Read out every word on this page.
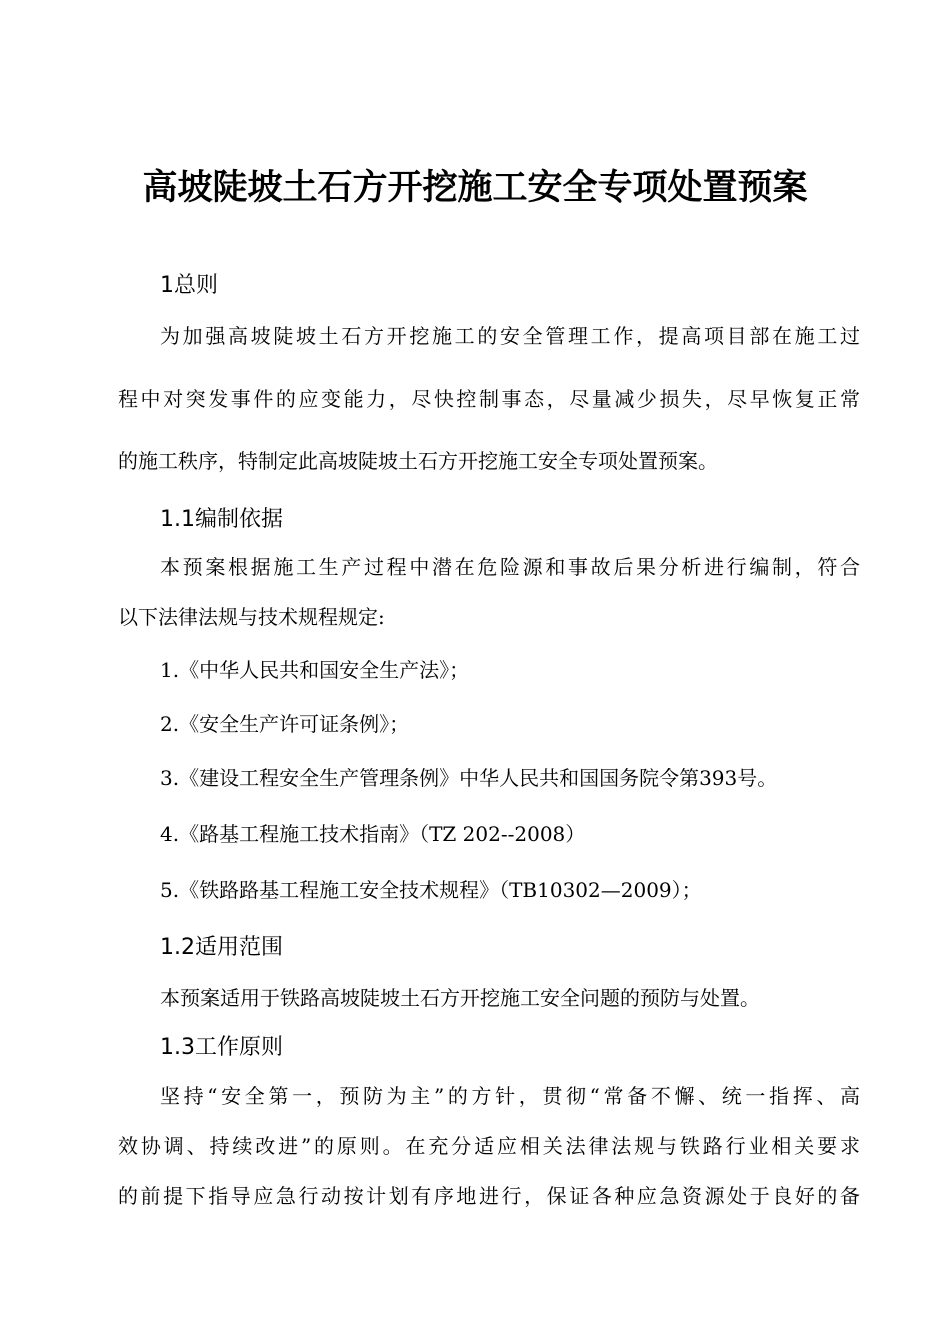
高坡陡坡土石方开挖施工安全专项处置预案
1总则
为加强高坡陡坡土石方开挖施工的安全管理工作，提高项目部在施工过
程中对突发事件的应变能力，尽快控制事态，尽量减少损失，尽早恢复正常
的施工秩序，特制定此高坡陡坡土石方开挖施工安全专项处置预案。
1.1编制依据
本预案根据施工生产过程中潜在危险源和事故后果分析进行编制，符合
以下法律法规与技术规程规定:
1.《中华人民共和国安全生产法》；
2.《安全生产许可证条例》；
3.《建设工程安全生产管理条例》中华人民共和国国务院令第393号。
4.《路基工程施工技术指南》（TZ 202--2008）
5.《铁路路基工程施工安全技术规程》（TB10302—2009）；
1.2适用范围
本预案适用于铁路高坡陡坡土石方开挖施工安全问题的预防与处置。
1.3工作原则
坚持“安全第一，预防为主”的方针，贯彻“常备不懈、统一指挥、高
效协调、持续改进”的原则。在充分适应相关法律法规与铁路行业相关要求
的前提下指导应急行动按计划有序地进行，保证各种应急资源处于良好的备
